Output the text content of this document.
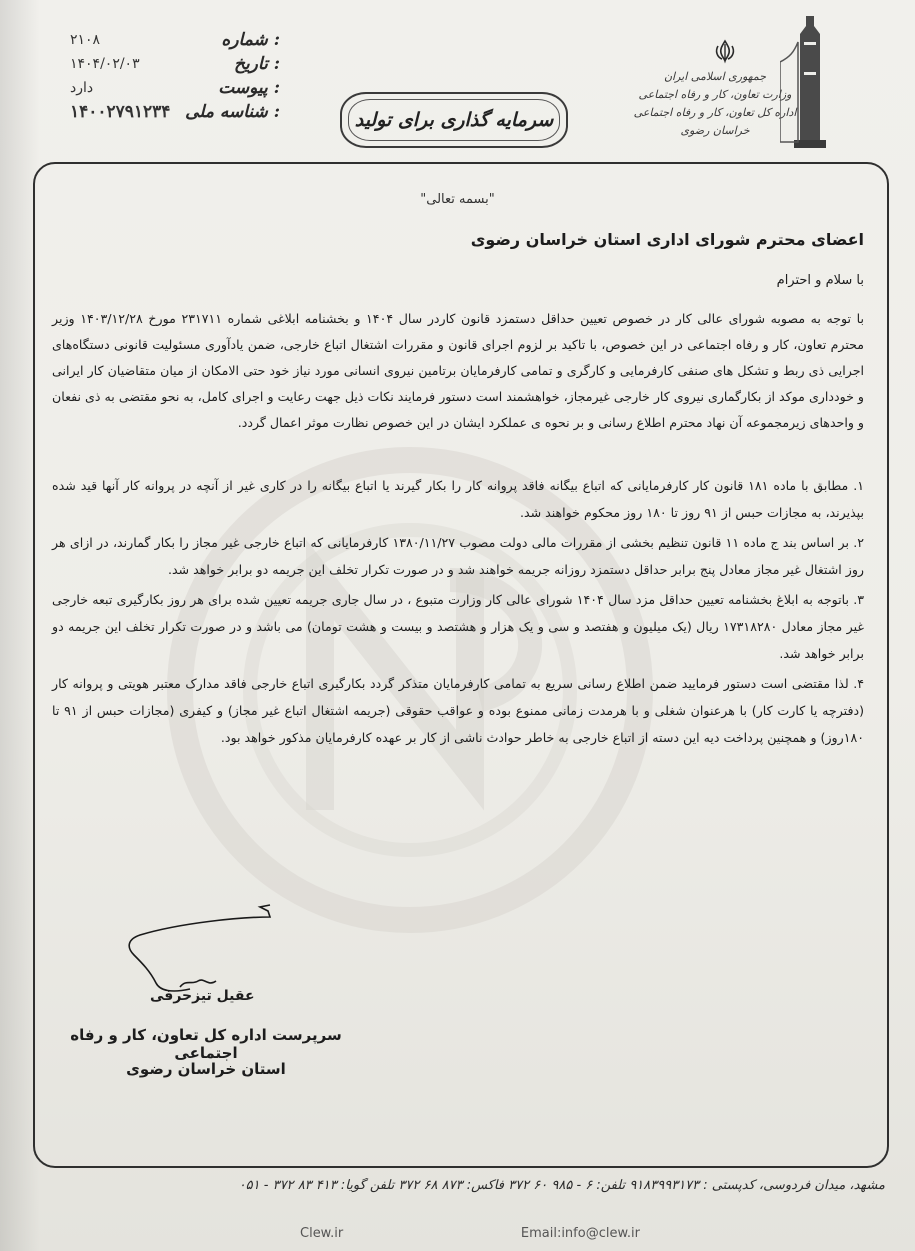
شماره :
۲۱۰۸
تاریخ :
۱۴۰۴/۰۲/۰۳
پیوست :
دارد
شناسه ملی :
۱۴۰۰۲۷۹۱۲۳۴	سرمایه گذاری برای تولید
جمهوری اسلامی ایران
وزارت تعاون، کار و رفاه اجتماعی
اداره کل تعاون، کار و رفاه اجتماعی خراسان رضوی
"بسمه تعالی"
اعضای محترم شورای اداری استان خراسان رضوی
با سلام و احترام
با توجه به مصوبه شورای عالی کار در خصوص تعیین حداقل دستمزد قانون کاردر سال ۱۴۰۴ و بخشنامه ابلاغی شماره ۲۳۱۷۱۱ مورخ ۱۴۰۳/۱۲/۲۸ وزیر محترم تعاون، کار و رفاه اجتماعی در این خصوص، با تاکید بر لزوم اجرای قانون و مقررات اشتغال اتباع خارجی، ضمن یادآوری مسئولیت قانونی دستگاه‌های اجرایی ذی ربط و تشکل های صنفی کارفرمایی و کارگری و تمامی کارفرمایان برتامین نیروی انسانی مورد نیاز خود حتی الامکان از میان متقاضیان کار ایرانی و خودداری موکد از بکارگماری نیروی کار خارجی غیرمجاز، خواهشمند است دستور فرمایند نکات ذیل جهت رعایت و اجرای کامل، به نحو مقتضی به ذی نفعان و واحدهای زیرمجموعه آن نهاد محترم اطلاع رسانی و بر نحوه ی عملکرد ایشان در این خصوص نظارت موثر اعمال گردد.
۱. مطابق با ماده ۱۸۱ قانون کار کارفرمایانی که اتباع بیگانه فاقد پروانه کار را بکار گیرند یا اتباع بیگانه را در کاری غیر از آنچه در پروانه کار آنها قید شده بپذیرند، به مجازات حبس از ۹۱ روز تا ۱۸۰ روز محکوم خواهند شد.
۲. بر اساس بند ج ماده ۱۱ قانون تنظیم بخشی از مقررات مالی دولت مصوب ۱۳۸۰/۱۱/۲۷ کارفرمایانی که اتباع خارجی غیر مجاز را بکار گمارند، در ازای هر روز اشتغال غیر مجاز معادل پنج برابر حداقل دستمزد روزانه جریمه خواهند شد و در صورت تکرار تخلف این جریمه دو برابر خواهد شد.
۳. باتوجه به ابلاغ بخشنامه تعیین حداقل مزد سال ۱۴۰۴ شورای عالی کار وزارت متبوع ، در سال جاری جریمه تعیین شده برای هر روز بکارگیری تبعه خارجی غیر مجاز معادل ۱۷۳۱۸۲۸۰ ریال (یک میلیون و هفتصد و سی و یک هزار و هشتصد و بیست و هشت تومان) می باشد و در صورت تکرار تخلف این جریمه دو برابر خواهد شد.
۴. لذا مقتضی است دستور فرمایید ضمن اطلاع رسانی سریع به تمامی کارفرمایان متذکر گردد بکارگیری اتباع خارجی فاقد مدارک معتبر هویتی و پروانه کار (دفترچه یا کارت کار) با هرعنوان شغلی و با هرمدت زمانی ممنوع بوده و عواقب حقوقی (جریمه اشتغال اتباع غیر مجاز) و کیفری (مجازات حبس از ۹۱ تا ۱۸۰روز) و همچنین پرداخت دیه این دسته از اتباع خارجی به خاطر حوادث ناشی از کار بر عهده کارفرمایان مذکور خواهد بود.
عقیل تیزحرفی
سرپرست اداره کل تعاون، کار و رفاه اجتماعی
استان خراسان رضوی
مشهد، میدان فردوسی، کدپستی : ۹۱۸۳۹۹۳۱۷۳ تلفن: ۶ - ۹۸۵ ۶۰ ۳۷۲ فاکس: ۸۷۳ ۶۸ ۳۷۲ تلفن گویا: ۴۱۳ ۸۳ ۳۷۲ - ۰۵۱
Clew.ir	Email:info@clew.ir
